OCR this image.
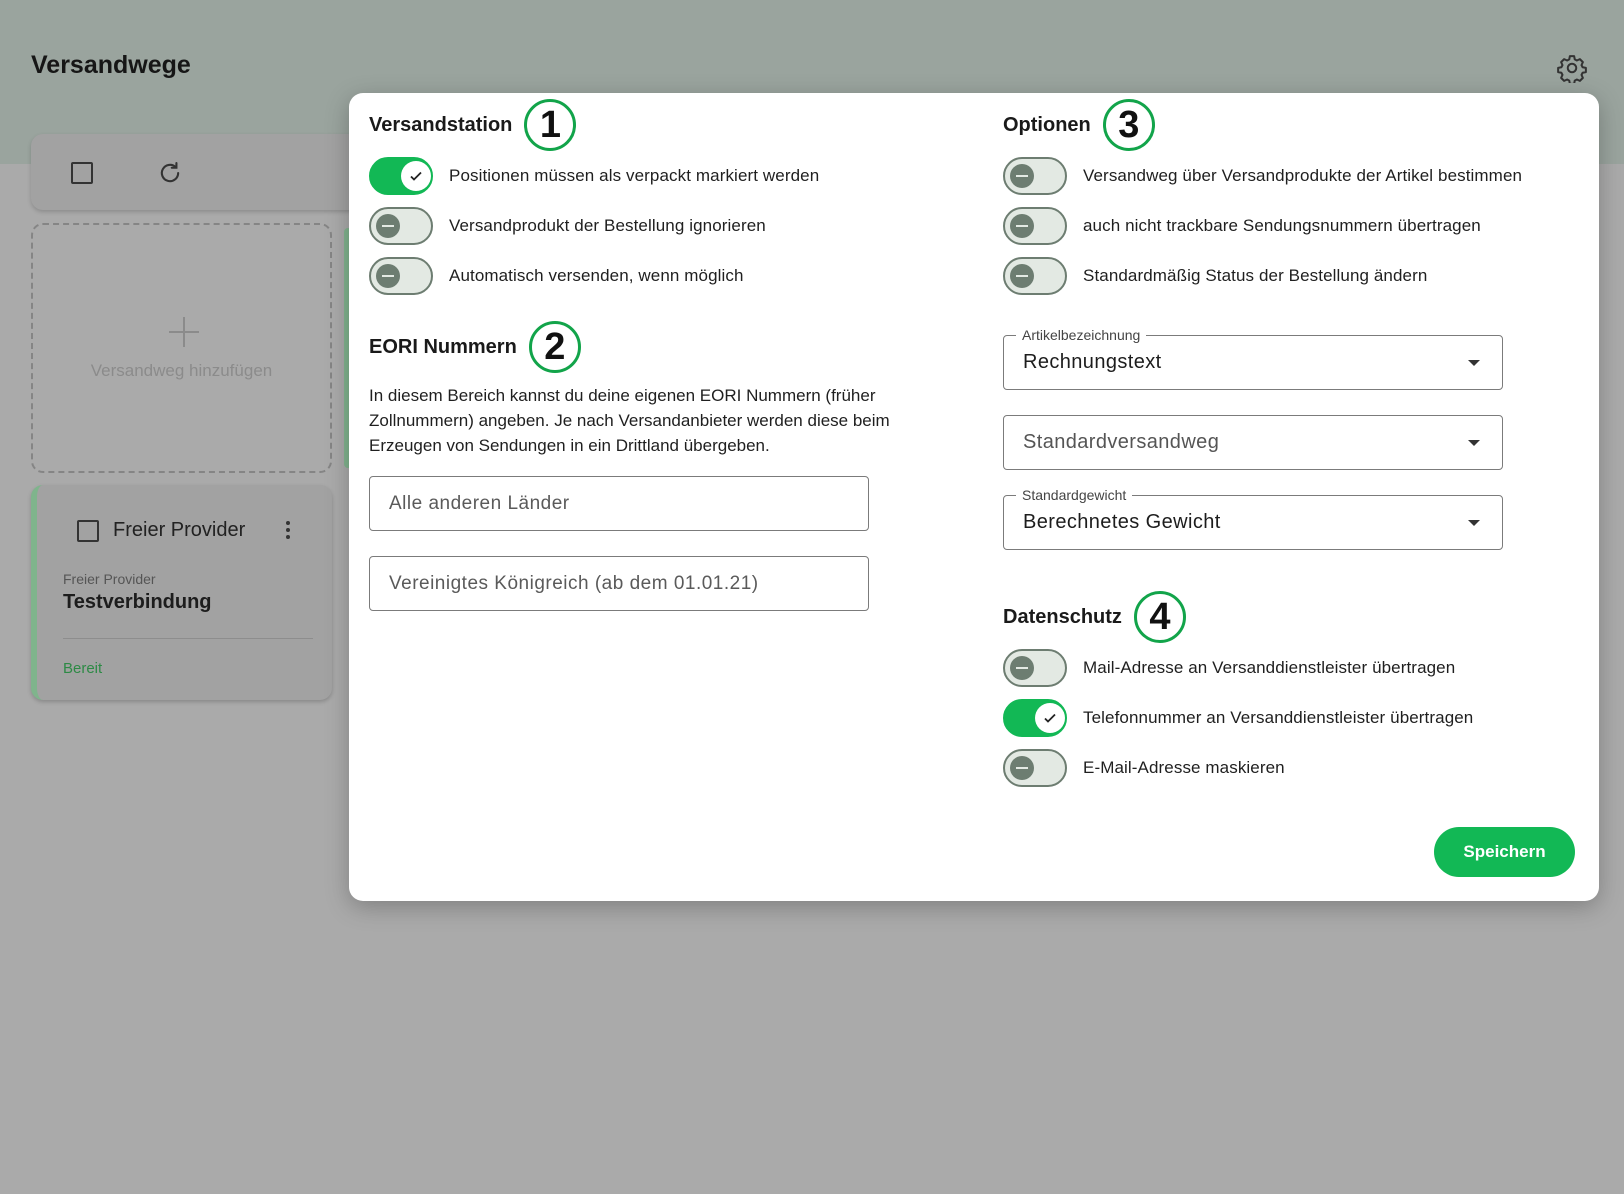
Versandwege
Versandweg hinzufügen
Freier Provider
Freier Provider
Testverbindung
Bereit
Versandstation 1
Positionen müssen als verpackt markiert werden
Versandprodukt der Bestellung ignorieren
Automatisch versenden, wenn möglich
EORI Nummern 2
In diesem Bereich kannst du deine eigenen EORI Nummern (früher Zollnummern) angeben. Je nach Versandanbieter werden diese beim Erzeugen von Sendungen in ein Drittland übergeben.
Alle anderen Länder
Vereinigtes Königreich (ab dem 01.01.21)
Optionen 3
Versandweg über Versandprodukte der Artikel bestimmen
auch nicht trackbare Sendungsnummern übertragen
Standardmäßig Status der Bestellung ändern
Artikelbezeichnung
Rechnungstext
Standardversandweg
Standardgewicht
Berechnetes Gewicht
Datenschutz 4
Mail-Adresse an Versanddienstleister übertragen
Telefonnummer an Versanddienstleister übertragen
E-Mail-Adresse maskieren
Speichern
